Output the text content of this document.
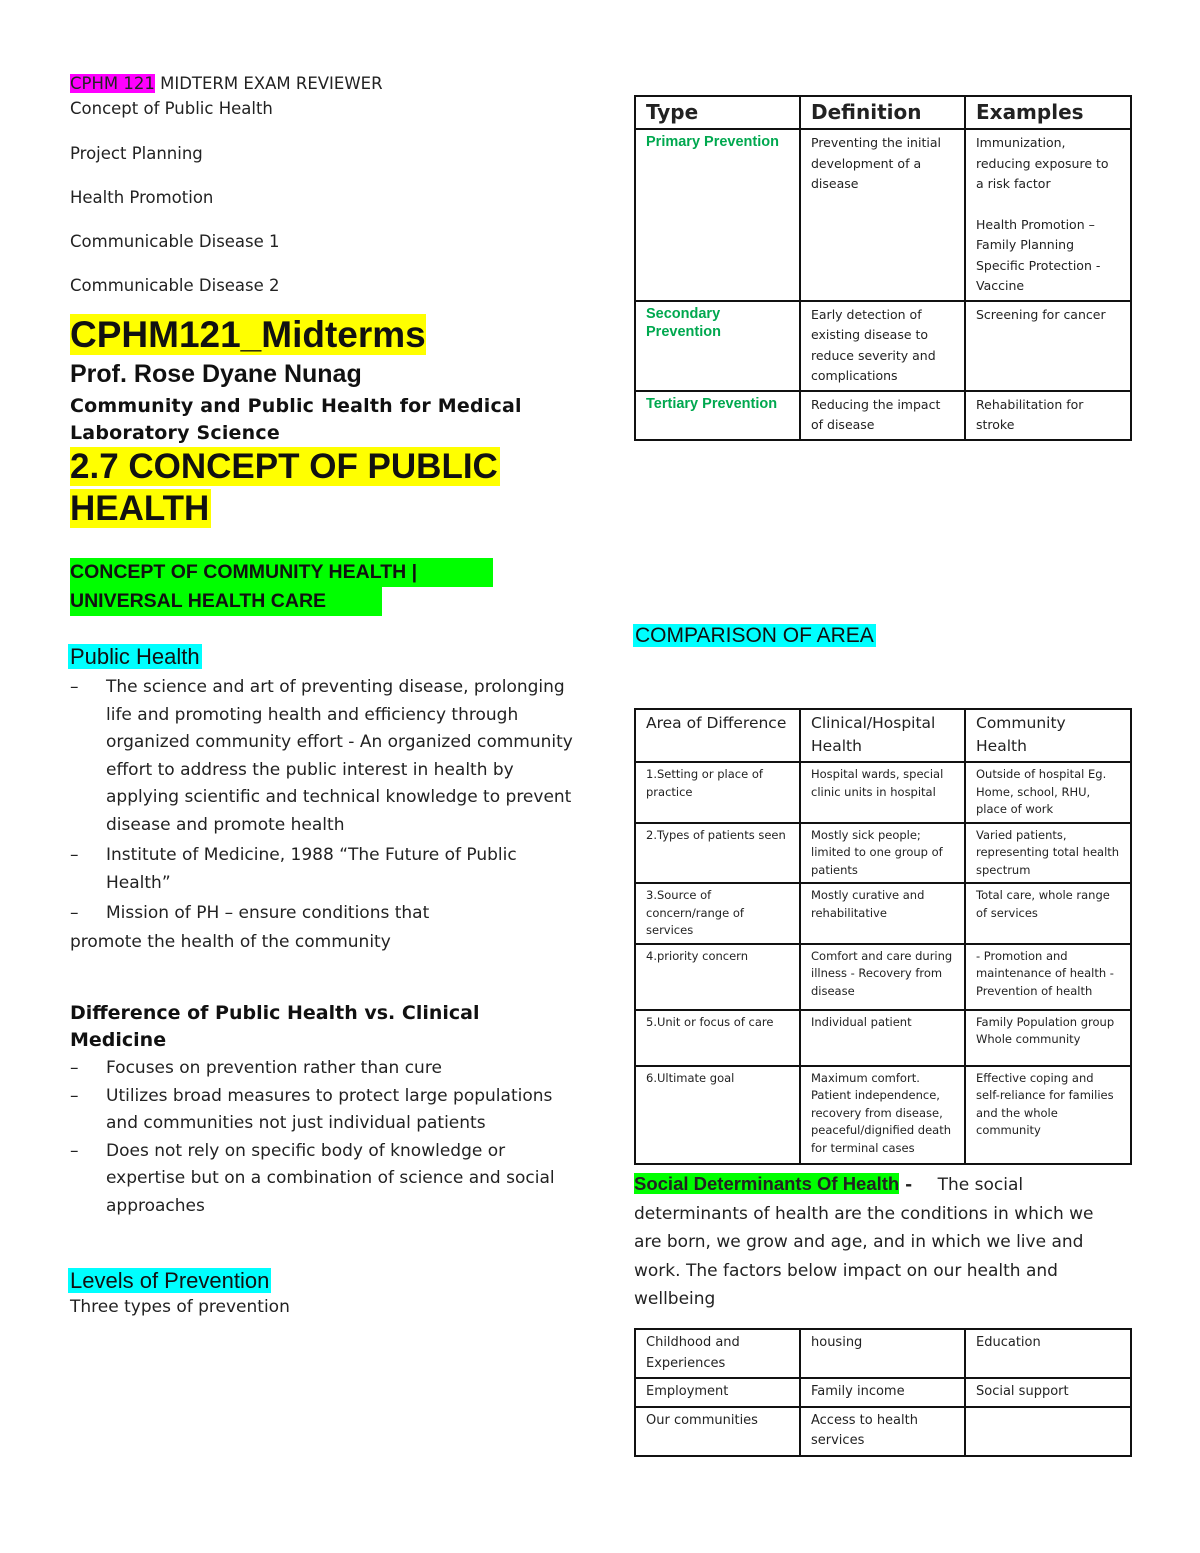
CPHM 121 MIDTERM EXAM REVIEWER
Concept of Public Health
Project Planning
Health Promotion
Communicable Disease 1
Communicable Disease 2
CPHM121_Midterms
Prof. Rose Dyane Nunag
Community and Public Health for Medical
Laboratory Science
2.7 CONCEPT OF PUBLIC
HEALTH
CONCEPT OF COMMUNITY HEALTH |
UNIVERSAL HEALTH CARE
Public Health
– The science and art of preventing disease, prolonging life and promoting health and efficiency through organized community effort - An organized community effort to address the public interest in health by applying scientific and technical knowledge to prevent disease and promote health
– Institute of Medicine, 1988 “The Future of Public Health”
– Mission of PH – ensure conditions that
promote the health of the community
Difference of Public Health vs. Clinical
Medicine
– Focuses on prevention rather than cure
– Utilizes broad measures to protect large populations and communities not just individual patients
– Does not rely on specific body of knowledge or expertise but on a combination of science and social approaches
Levels of Prevention
Three types of prevention
Type	Definition	Examples
Primary Prevention	Preventing the initial development of a disease	Immunization, reducing exposure to a risk factor
Health Promotion – Family Planning Specific Protection - Vaccine

Secondary Prevention	Early detection of existing disease to reduce severity and complications	Screening for cancer
Tertiary Prevention	Reducing the impact of disease	Rehabilitation for stroke
COMPARISON OF AREA
Area of Difference	Clinical/Hospital Health	Community Health
1.Setting or place of practice	Hospital wards, special clinic units in hospital	Outside of hospital Eg. Home, school, RHU, place of work
2.Types of patients seen	Mostly sick people; limited to one group of patients	Varied patients, representing total health spectrum
3.Source of concern/range of services	Mostly curative and rehabilitative	Total care, whole range of services
4.priority concern	Comfort and care during illness - Recovery from disease	- Promotion and maintenance of health - Prevention of health
5.Unit or focus of care	Individual patient	Family Population group Whole community
6.Ultimate goal	Maximum comfort. Patient independence, recovery from disease, peaceful/dignified death for terminal cases	Effective coping and self-reliance for families and the whole community
Social Determinants Of Health - The social determinants of health are the conditions in which we are born, we grow and age, and in which we live and work. The factors below impact on our health and wellbeing
Childhood and Experiences	housing	Education
Employment	Family income	Social support
Our communities	Access to health services	
